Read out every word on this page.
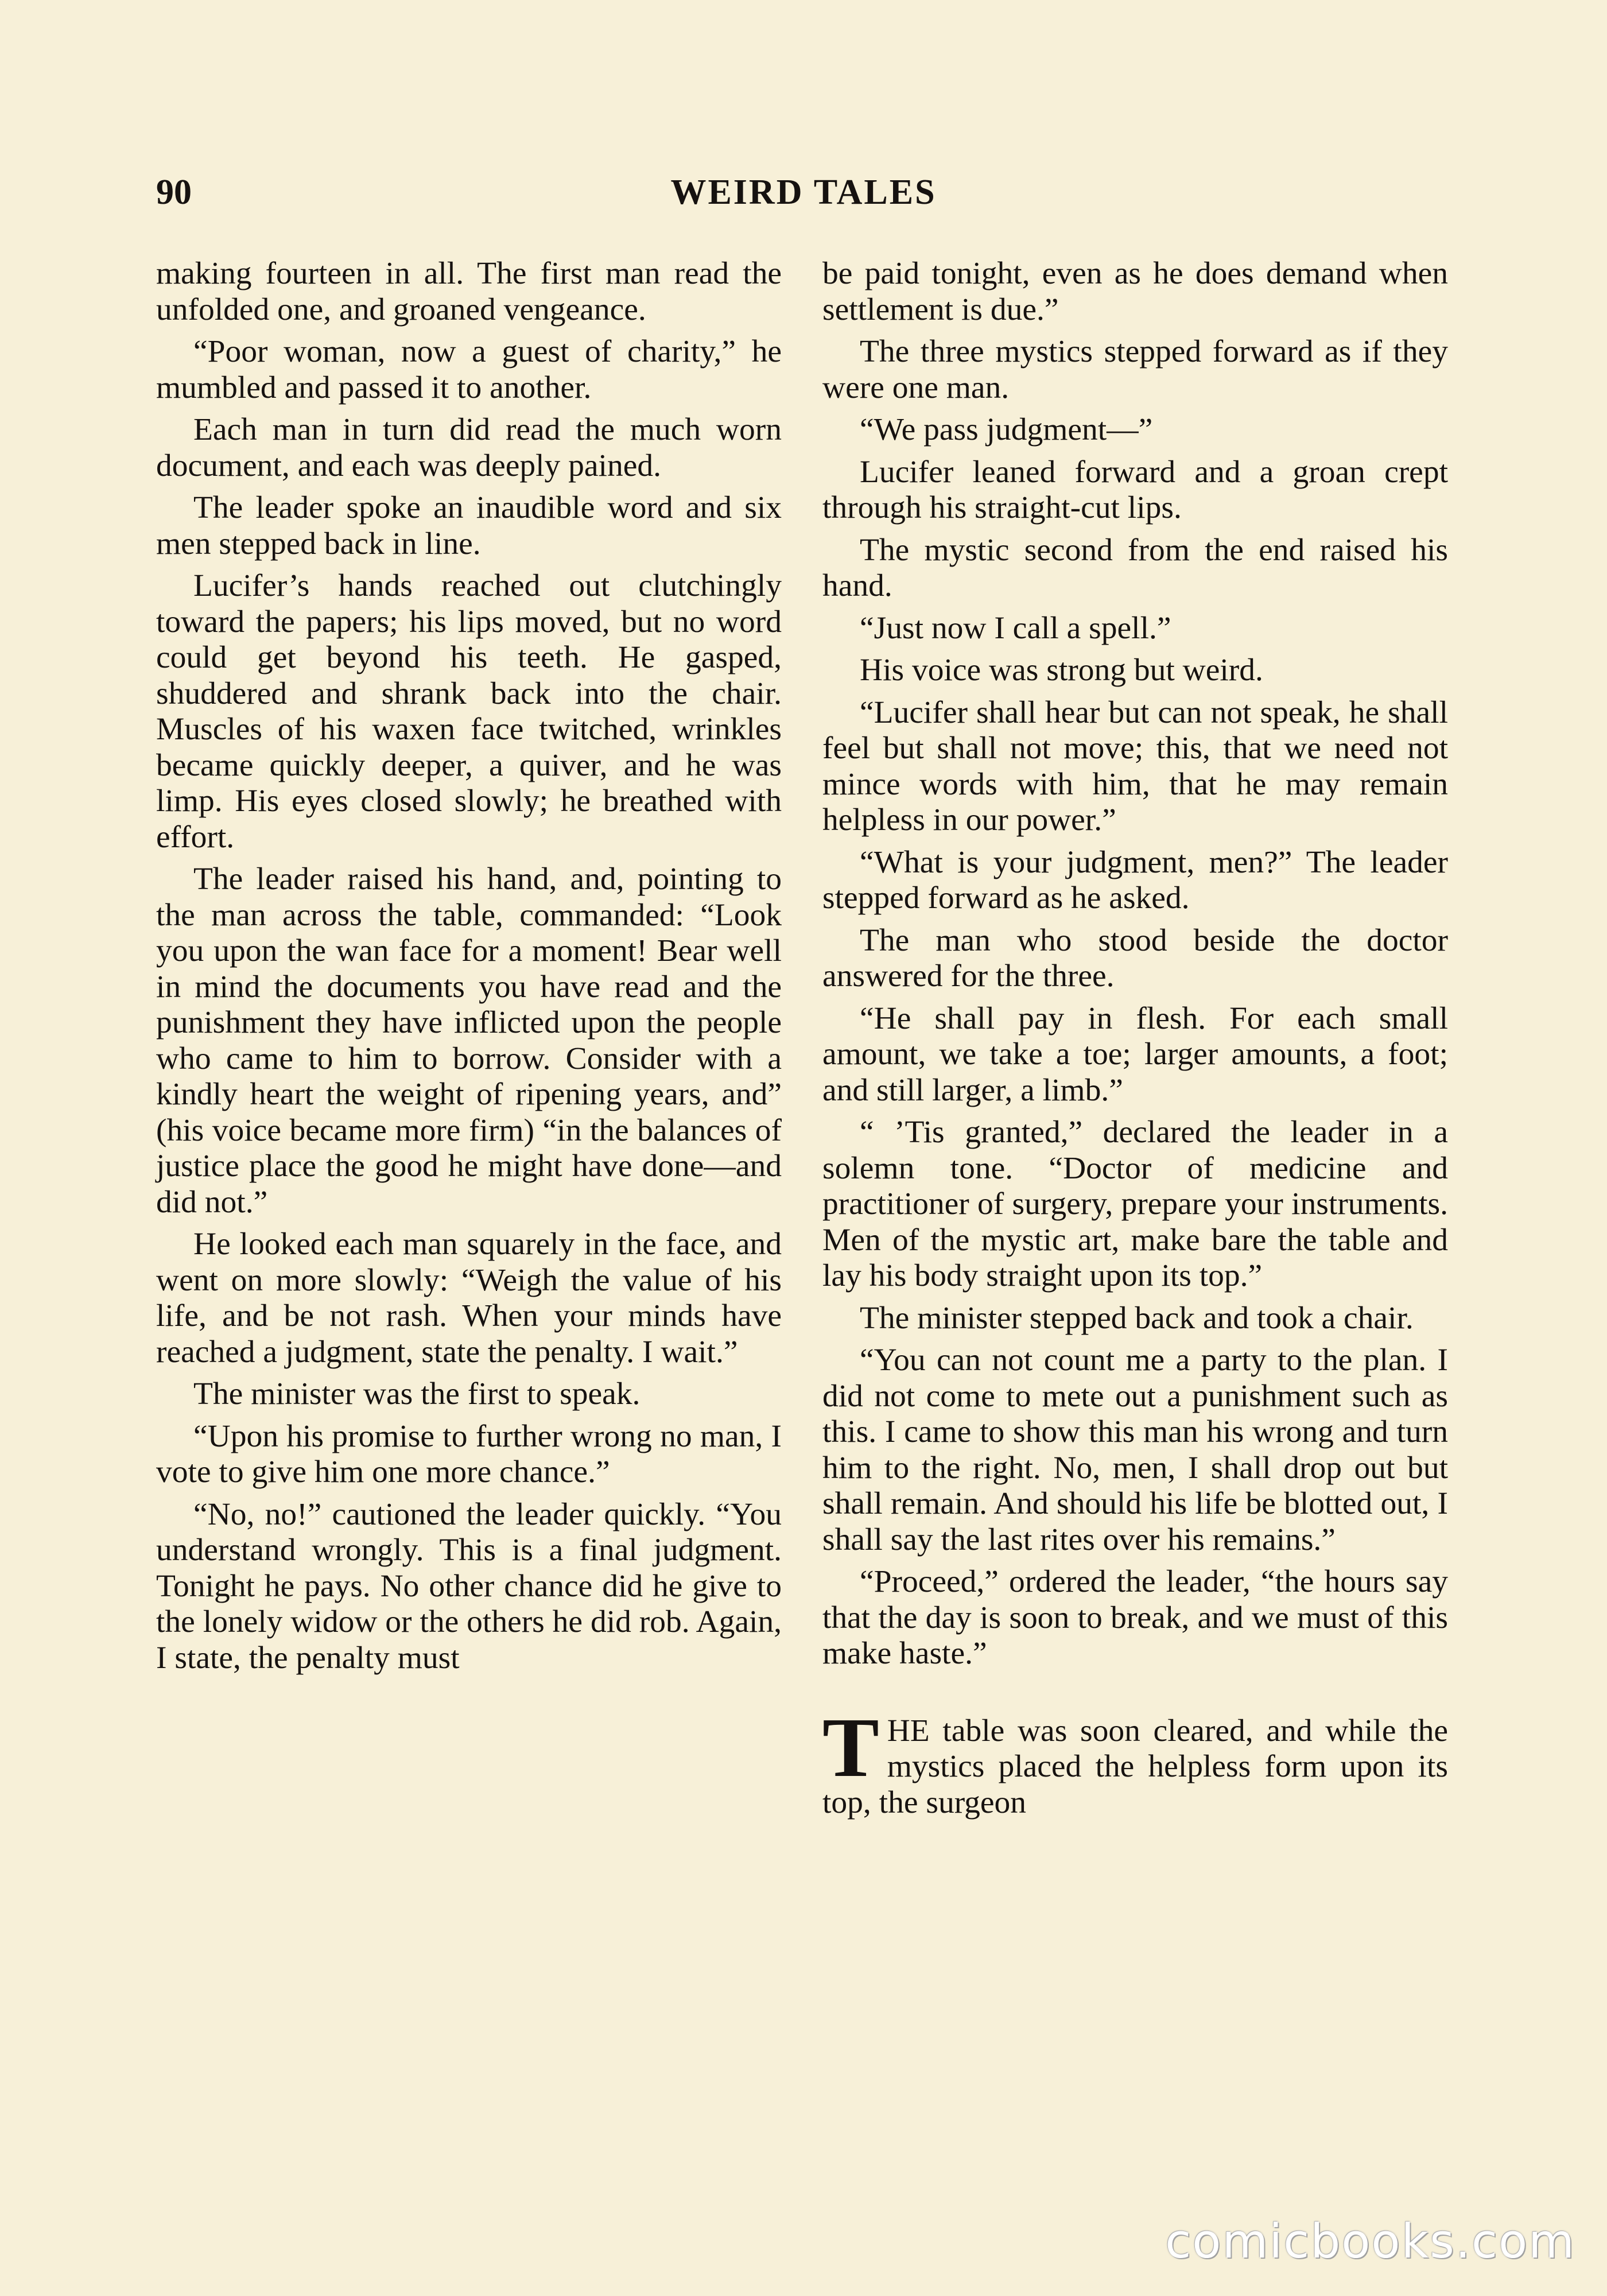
90	WEIRD TALES

making fourteen in all. The first man read the unfolded one, and groaned vengeance.

“Poor woman, now a guest of charity,” he mumbled and passed it to another.

Each man in turn did read the much worn document, and each was deeply pained.

The leader spoke an inaudible word and six men stepped back in line.

Lucifer’s hands reached out clutchingly toward the papers; his lips moved, but no word could get beyond his teeth. He gasped, shuddered and shrank back into the chair. Muscles of his waxen face twitched, wrinkles became quickly deeper, a quiver, and he was limp. His eyes closed slowly; he breathed with effort.

The leader raised his hand, and, pointing to the man across the table, commanded: “Look you upon the wan face for a moment! Bear well in mind the documents you have read and the punishment they have inflicted upon the people who came to him to borrow. Consider with a kindly heart the weight of ripening years, and” (his voice became more firm) “in the balances of justice place the good he might have done—and did not.”

He looked each man squarely in the face, and went on more slowly: “Weigh the value of his life, and be not rash. When your minds have reached a judgment, state the penalty. I wait.”

The minister was the first to speak.

“Upon his promise to further wrong no man, I vote to give him one more chance.”

“No, no!” cautioned the leader quickly. “You understand wrongly. This is a final judgment. Tonight he pays. No other chance did he give to the lonely widow or the others he did rob. Again, I state, the penalty must

be paid tonight, even as he does demand when settlement is due.”

The three mystics stepped forward as if they were one man.

“We pass judgment—”

Lucifer leaned forward and a groan crept through his straight-cut lips.

The mystic second from the end raised his hand.

“Just now I call a spell.”

His voice was strong but weird.

“Lucifer shall hear but can not speak, he shall feel but shall not move; this, that we need not mince words with him, that he may remain helpless in our power.”

“What is your judgment, men?” The leader stepped forward as he asked.

The man who stood beside the doctor answered for the three.

“He shall pay in flesh. For each small amount, we take a toe; larger amounts, a foot; and still larger, a limb.”

“ ’Tis granted,” declared the leader in a solemn tone. “Doctor of medicine and practitioner of surgery, prepare your instruments. Men of the mystic art, make bare the table and lay his body straight upon its top.”

The minister stepped back and took a chair.

“You can not count me a party to the plan. I did not come to mete out a punishment such as this. I came to show this man his wrong and turn him to the right. No, men, I shall drop out but shall remain. And should his life be blotted out, I shall say the last rites over his remains.”

“Proceed,” ordered the leader, “the hours say that the day is soon to break, and we must of this make haste.”

THE table was soon cleared, and while the mystics placed the helpless form upon its top, the surgeon

comicbooks.com
